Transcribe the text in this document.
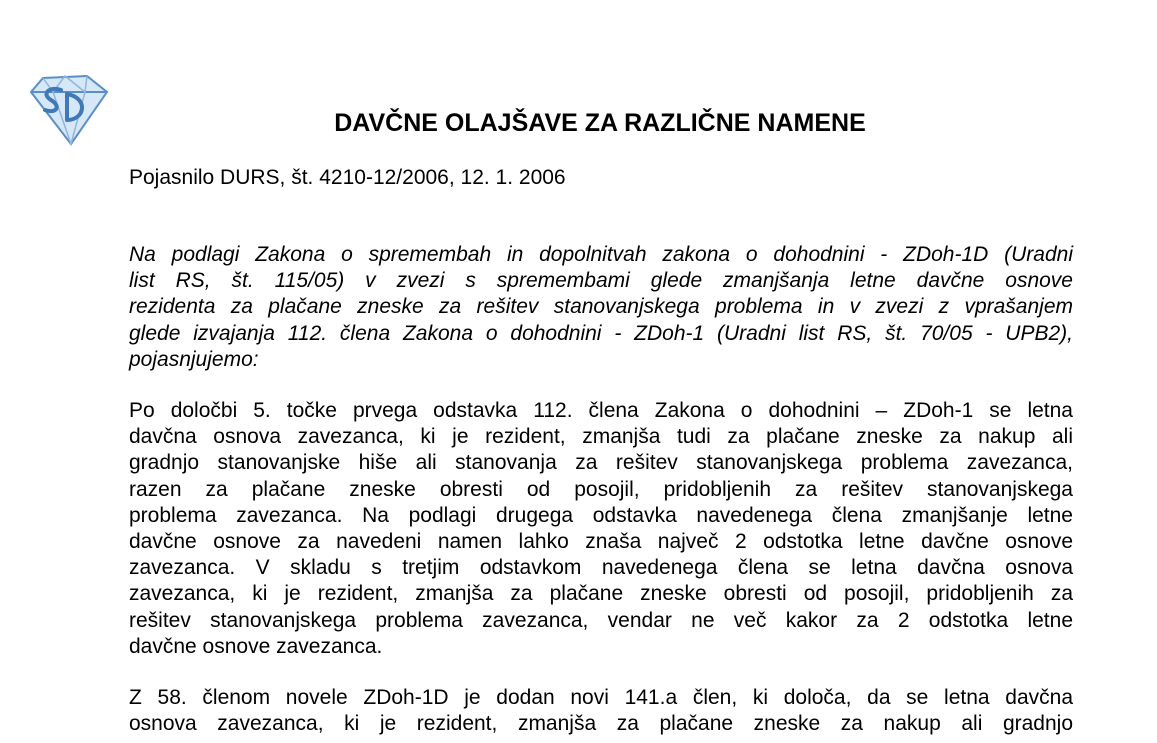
DAVČNE OLAJŠAVE ZA RAZLIČNE NAMENE
Pojasnilo DURS, št. 4210-12/2006, 12. 1. 2006
Na podlagi Zakona o spremembah in dopolnitvah zakona o dohodnini - ZDoh-1D (Uradni
list RS, št. 115/05) v zvezi s spremembami glede zmanjšanja letne davčne osnove
rezidenta za plačane zneske za rešitev stanovanjskega problema in v zvezi z vprašanjem
glede izvajanja 112. člena Zakona o dohodnini - ZDoh-1 (Uradni list RS, št. 70/05 - UPB2),
pojasnjujemo:
Po določbi 5. točke prvega odstavka 112. člena Zakona o dohodnini – ZDoh-1 se letna
davčna osnova zavezanca, ki je rezident, zmanjša tudi za plačane zneske za nakup ali
gradnjo stanovanjske hiše ali stanovanja za rešitev stanovanjskega problema zavezanca,
razen za plačane zneske obresti od posojil, pridobljenih za rešitev stanovanjskega
problema zavezanca. Na podlagi drugega odstavka navedenega člena zmanjšanje letne
davčne osnove za navedeni namen lahko znaša največ 2 odstotka letne davčne osnove
zavezanca. V skladu s tretjim odstavkom navedenega člena se letna davčna osnova
zavezanca, ki je rezident, zmanjša za plačane zneske obresti od posojil, pridobljenih za
rešitev stanovanjskega problema zavezanca, vendar ne več kakor za 2 odstotka letne
davčne osnove zavezanca.
Z 58. členom novele ZDoh-1D je dodan novi 141.a člen, ki določa, da se letna davčna
osnova zavezanca, ki je rezident, zmanjša za plačane zneske za nakup ali gradnjo
